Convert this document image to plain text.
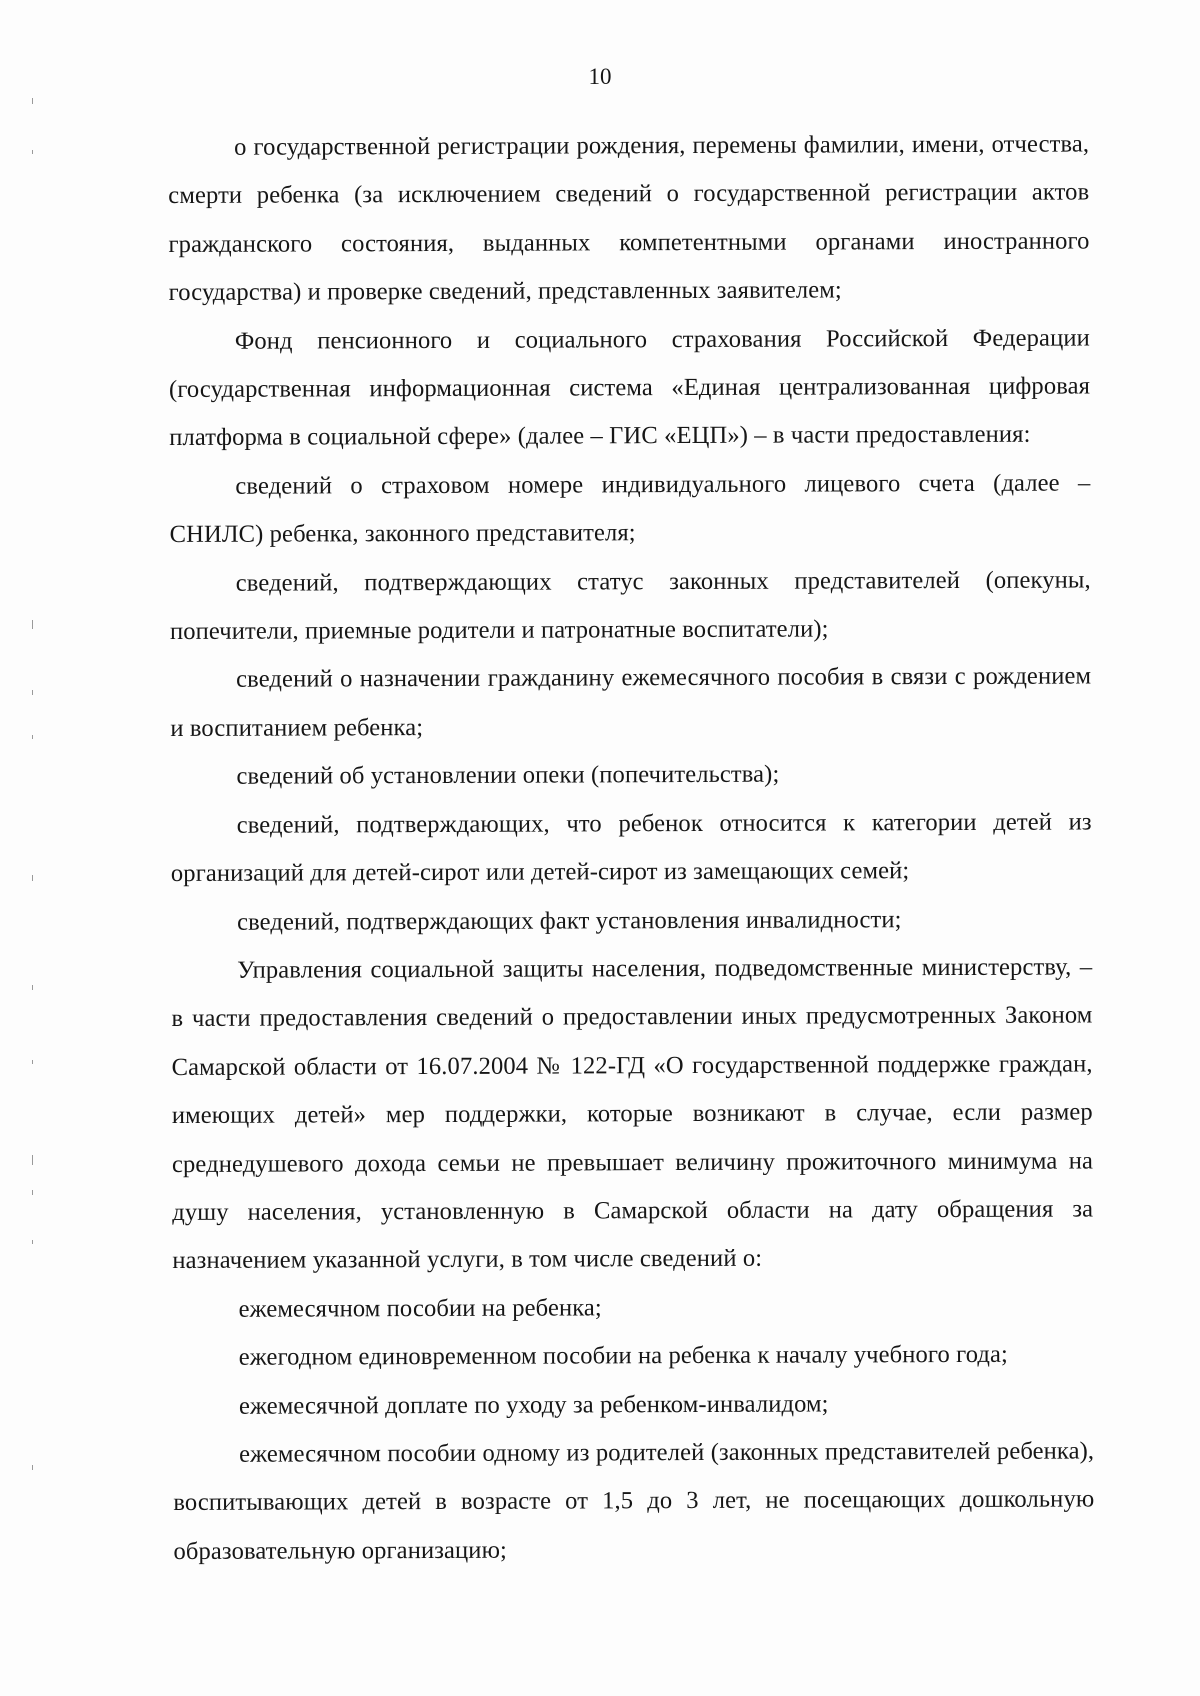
10

о государственной регистрации рождения, перемены фамилии, имени, отчества, смерти ребенка (за исключением сведений о государственной регистрации актов гражданского состояния, выданных компетентными органами иностранного государства) и проверке сведений, представленных заявителем;

Фонд пенсионного и социального страхования Российской Федерации (государственная информационная система «Единая централизованная цифровая платформа в социальной сфере» (далее – ГИС «ЕЦП») – в части предоставления:

сведений о страховом номере индивидуального лицевого счета (далее – СНИЛС) ребенка, законного представителя;

сведений, подтверждающих статус законных представителей (опекуны, попечители, приемные родители и патронатные воспитатели);

сведений о назначении гражданину ежемесячного пособия в связи с рождением и воспитанием ребенка;

сведений об установлении опеки (попечительства);

сведений, подтверждающих, что ребенок относится к категории детей из организаций для детей-сирот или детей-сирот из замещающих семей;

сведений, подтверждающих факт установления инвалидности;

Управления социальной защиты населения, подведомственные министерству, – в части предоставления сведений о предоставлении иных предусмотренных Законом Самарской области от 16.07.2004 № 122-ГД «О государственной поддержке граждан, имеющих детей» мер поддержки, которые возникают в случае, если размер среднедушевого дохода семьи не превышает величину прожиточного минимума на душу населения, установленную в Самарской области на дату обращения за назначением указанной услуги, в том числе сведений о:

ежемесячном пособии на ребенка;

ежегодном единовременном пособии на ребенка к началу учебного года;

ежемесячной доплате по уходу за ребенком-инвалидом;

ежемесячном пособии одному из родителей (законных представителей ребенка), воспитывающих детей в возрасте от 1,5 до 3 лет, не посещающих дошкольную образовательную организацию;
